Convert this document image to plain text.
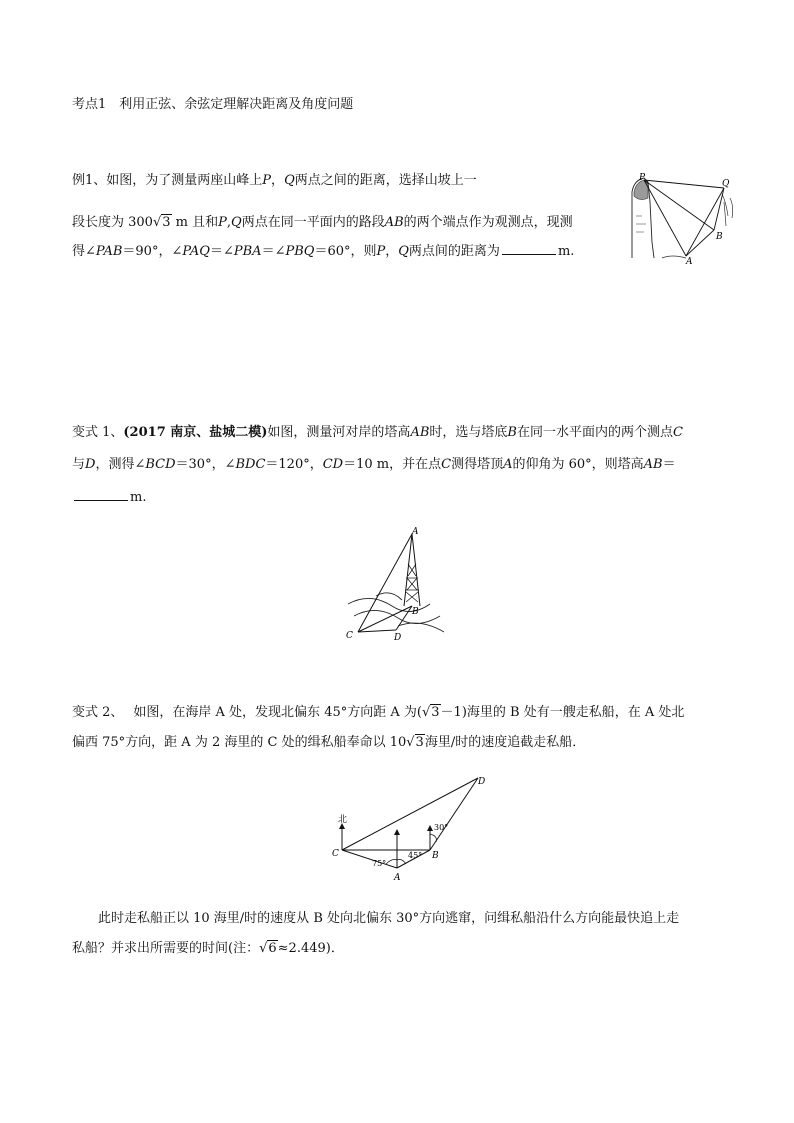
考点1　利用正弦、余弦定理解决距离及角度问题
例1、如图，为了测量两座山峰上P，Q两点之间的距离，选择山坡上一
段长度为 300√3 m 且和P,Q两点在同一平面内的路段AB的两个端点作为观测点，现测
得∠PAB＝90°，∠PAQ＝∠PBA＝∠PBQ＝60°，则P，Q两点间的距离为	m.
P
Q
B
A
变式 1、(2017 南京、盐城二模)如图，测量河对岸的塔高AB时，选与塔底B在同一水平面内的两个测点C
与D，测得∠BCD＝30°，∠BDC＝120°，CD＝10 m，并在点C测得塔顶A的仰角为 60°，则塔高AB＝
m.
A
B
C	D
变式 2、 如图，在海岸 A 处，发现北偏东 45°方向距 A 为(√3－1)海里的 B 处有一艘走私船，在 A 处北
偏西 75°方向，距 A 为 2 海里的 C 处的缉私船奉命以 10√3海里/时的速度追截走私船．
北
75°
45°
30°
C
A
B
D
此时走私船正以 10 海里/时的速度从 B 处向北偏东 30°方向逃窜，问缉私船沿什么方向能最快追上走
私船？并求出所需要的时间(注：√6≈2.449)．
